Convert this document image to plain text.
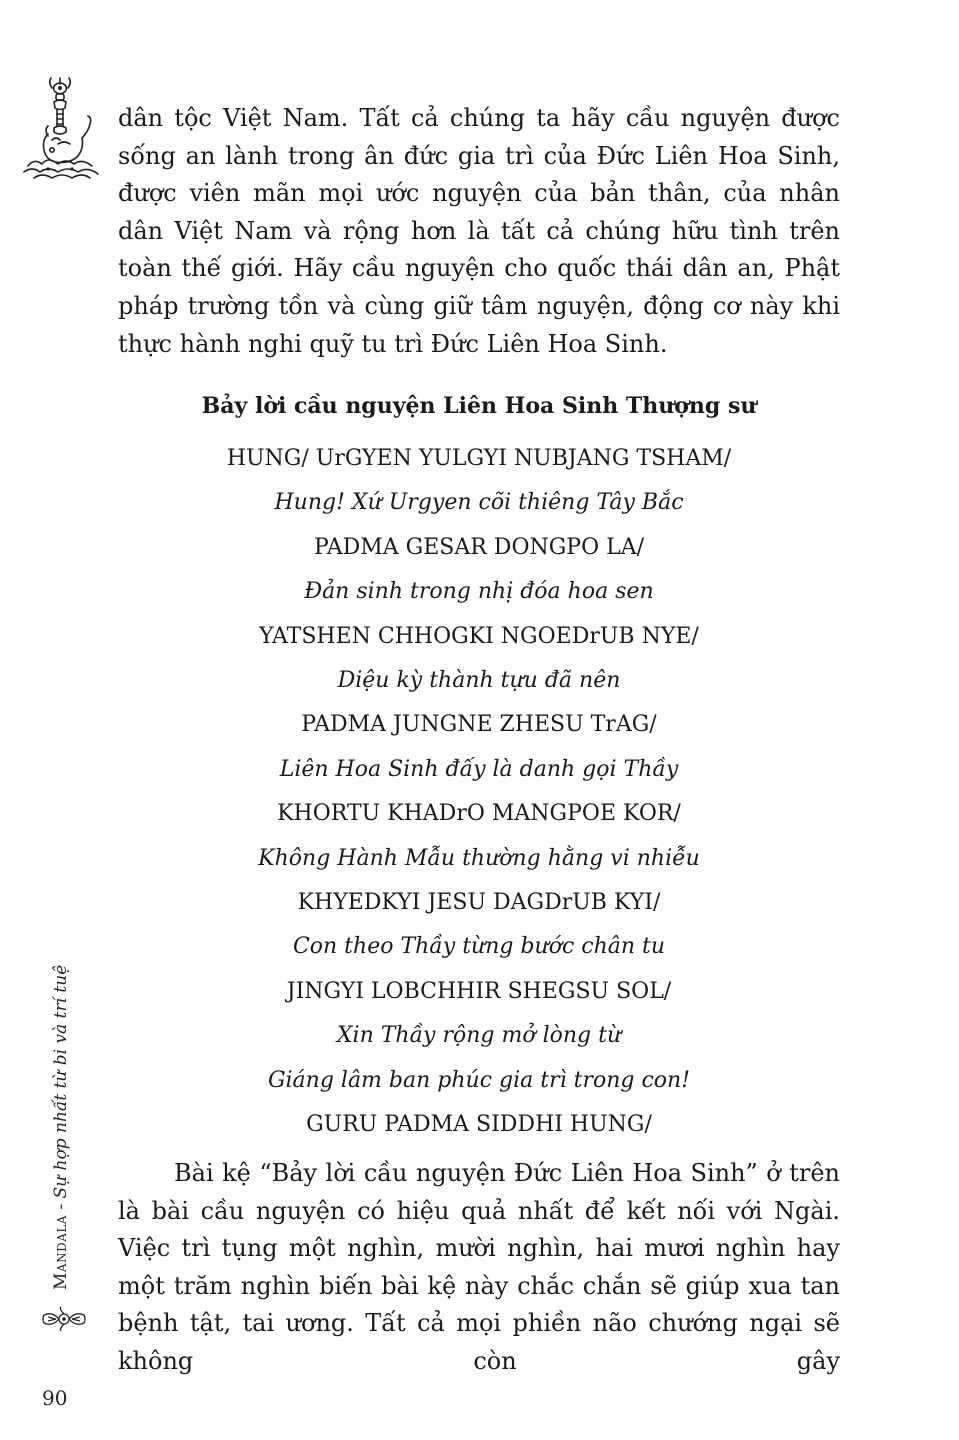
dân tộc Việt Nam. Tất cả chúng ta hãy cầu nguyện được sống an lành trong ân đức gia trì của Đức Liên Hoa Sinh, được viên mãn mọi ước nguyện của bản thân, của nhân dân Việt Nam và rộng hơn là tất cả chúng hữu tình trên toàn thế giới. Hãy cầu nguyện cho quốc thái dân an, Phật pháp trường tồn và cùng giữ tâm nguyện, động cơ này khi thực hành nghi quỹ tu trì Đức Liên Hoa Sinh.

Bảy lời cầu nguyện Liên Hoa Sinh Thượng sư
HUNG/ UrGYEN YULGYI NUBJANG TSHAM/
Hung! Xứ Urgyen cõi thiêng Tây Bắc
PADMA GESAR DONGPO LA/
Đản sinh trong nhị đóa hoa sen
YATSHEN CHHOGKI NGOEDrUB NYE/
Diệu kỳ thành tựu đã nên
PADMA JUNGNE ZHESU TrAG/
Liên Hoa Sinh đấy là danh gọi Thầy
KHORTU KHADrO MANGPOE KOR/
Không Hành Mẫu thường hằng vi nhiễu
KHYEDKYI JESU DAGDrUB KYI/
Con theo Thầy từng bước chân tu
JINGYI LOBCHHIR SHEGSU SOL/
Xin Thầy rộng mở lòng từ
Giáng lâm ban phúc gia trì trong con!
GURU PADMA SIDDHI HUNG/

Bài kệ “Bảy lời cầu nguyện Đức Liên Hoa Sinh” ở trên là bài cầu nguyện có hiệu quả nhất để kết nối với Ngài. Việc trì tụng một nghìn, mười nghìn, hai mươi nghìn hay một trăm nghìn biến bài kệ này chắc chắn sẽ giúp xua tan bệnh tật, tai ương. Tất cả mọi phiền não chướng ngại sẽ không còn gây

Mandala - Sự hợp nhất từ bi và trí tuệ
90
